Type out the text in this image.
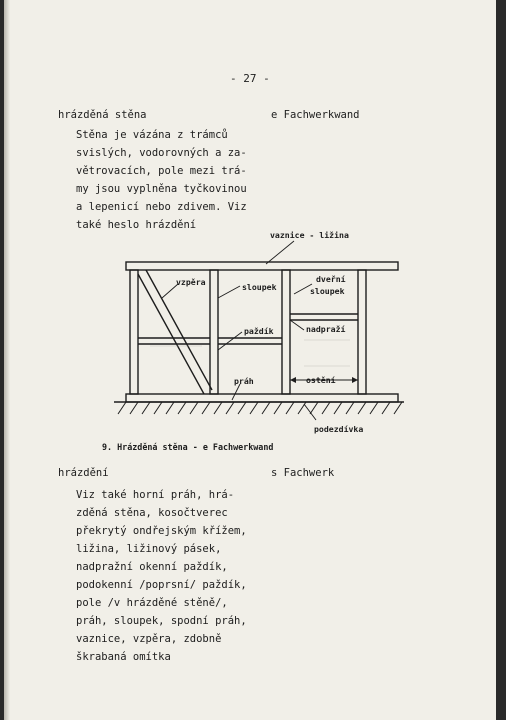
- 27 -

hrázděná stěna	e Fachwerkwand

Stěna je vázána z trámců

svislých, vodorovných a za-

větrovacích, pole mezi trá-

my jsou vyplněna tyčkovinou

a lepenicí nebo zdivem. Viz

také heslo hrázdění

vaznice - ližina
vzpěra	sloupek
dveřní
sloupek
paždík	nadpraží
práh	ostění
podezdívka

9. Hrázděná stěna - e Fachwerkwand

hrázdění	s Fachwerk

Viz také horní práh, hrá-

zděná stěna, kosočtverec

překrytý ondřejským křížem,

ližina, ližinový pásek,

nadpražní okenní paždík,

podokenní /poprsní/ paždík,

pole /v hrázděné stěně/,

práh, sloupek, spodní práh,

vaznice, vzpěra, zdobně

škrabaná omítka
